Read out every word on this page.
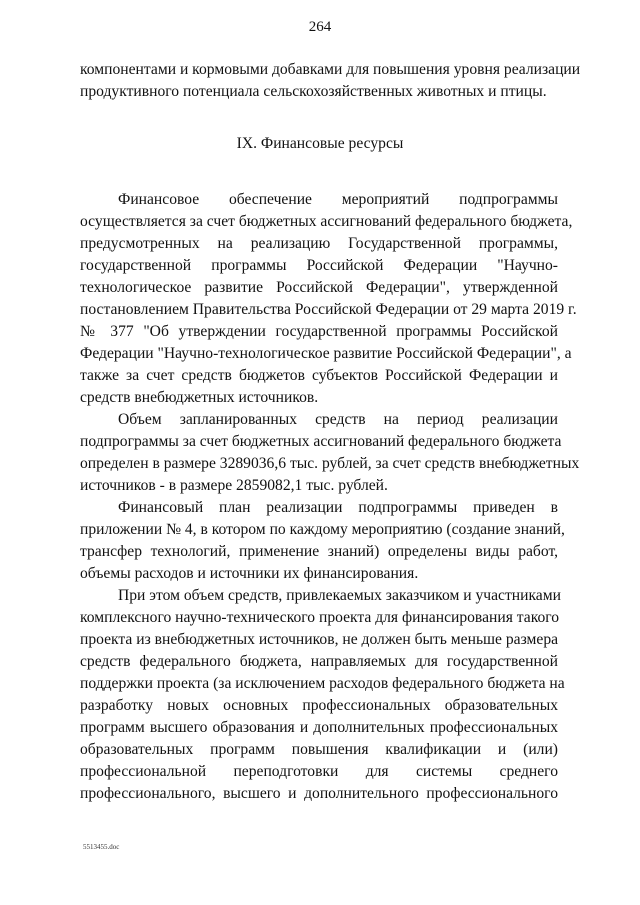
264
компонентами и кормовыми добавками для повышения уровня реализации
продуктивного потенциала сельскохозяйственных животных и птицы.
IX. Финансовые ресурсы
Финансовое обеспечение мероприятий подпрограммы
осуществляется за счет бюджетных ассигнований федерального бюджета,
предусмотренных на реализацию Государственной программы,
государственной программы Российской Федерации "Научно-
технологическое развитие Российской Федерации", утвержденной
постановлением Правительства Российской Федерации от 29 марта 2019 г.
№ 377 "Об утверждении государственной программы Российской
Федерации "Научно-технологическое развитие Российской Федерации", а
также за счет средств бюджетов субъектов Российской Федерации и
средств внебюджетных источников.
Объем запланированных средств на период реализации
подпрограммы за счет бюджетных ассигнований федерального бюджета
определен в размере 3289036,6 тыс. рублей, за счет средств внебюджетных
источников - в размере 2859082,1 тыс. рублей.
Финансовый план реализации подпрограммы приведен в
приложении № 4, в котором по каждому мероприятию (создание знаний,
трансфер технологий, применение знаний) определены виды работ,
объемы расходов и источники их финансирования.
При этом объем средств, привлекаемых заказчиком и участниками
комплексного научно-технического проекта для финансирования такого
проекта из внебюджетных источников, не должен быть меньше размера
средств федерального бюджета, направляемых для государственной
поддержки проекта (за исключением расходов федерального бюджета на
разработку новых основных профессиональных образовательных
программ высшего образования и дополнительных профессиональных
образовательных программ повышения квалификации и (или)
профессиональной переподготовки для системы среднего
профессионального, высшего и дополнительного профессионального
5513455.doc
